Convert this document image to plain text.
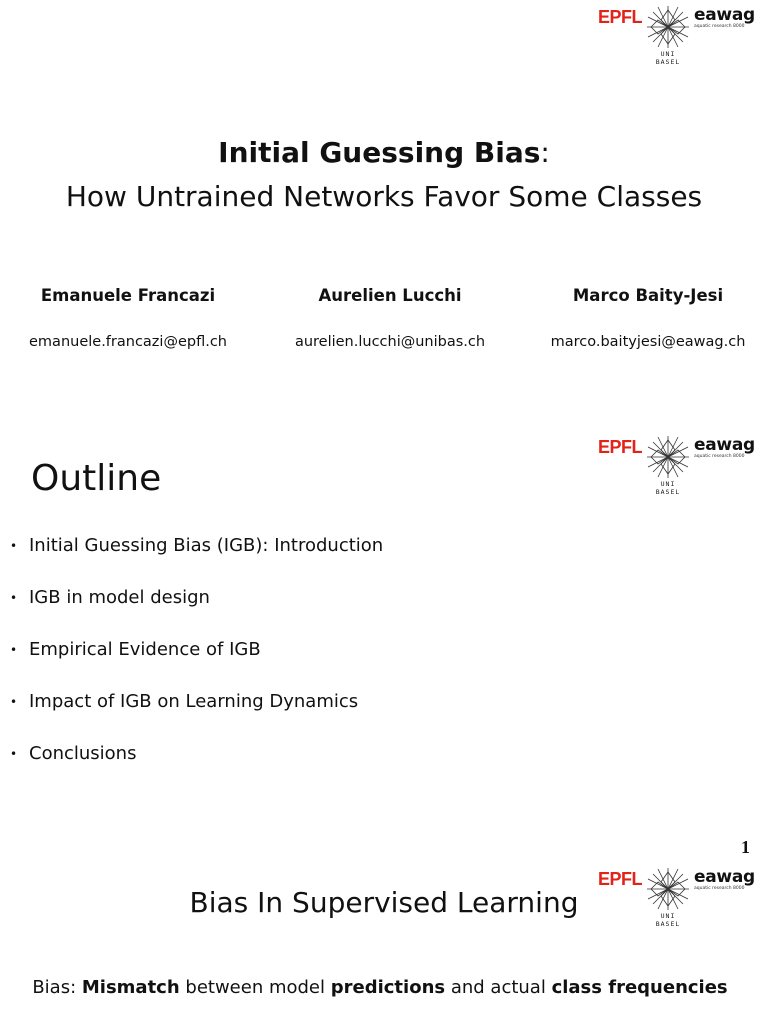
EPFL
UNI
BASEL
eawag
aquatic research 8000
Initial Guessing Bias:
How Untrained Networks Favor Some Classes
Emanuele Francazi
emanuele.francazi@epfl.ch
Aurelien Lucchi
aurelien.lucchi@unibas.ch
Marco Baity-Jesi
marco.baityjesi@eawag.ch
EPFL
UNI
BASEL
eawag
aquatic research 8000
Outline
• Initial Guessing Bias (IGB): Introduction
• IGB in model design
• Empirical Evidence of IGB
• Impact of IGB on Learning Dynamics
• Conclusions
1
EPFL
UNI
BASEL
eawag
aquatic research 8000
Bias In Supervised Learning
Bias: Mismatch between model predictions and actual class frequencies
